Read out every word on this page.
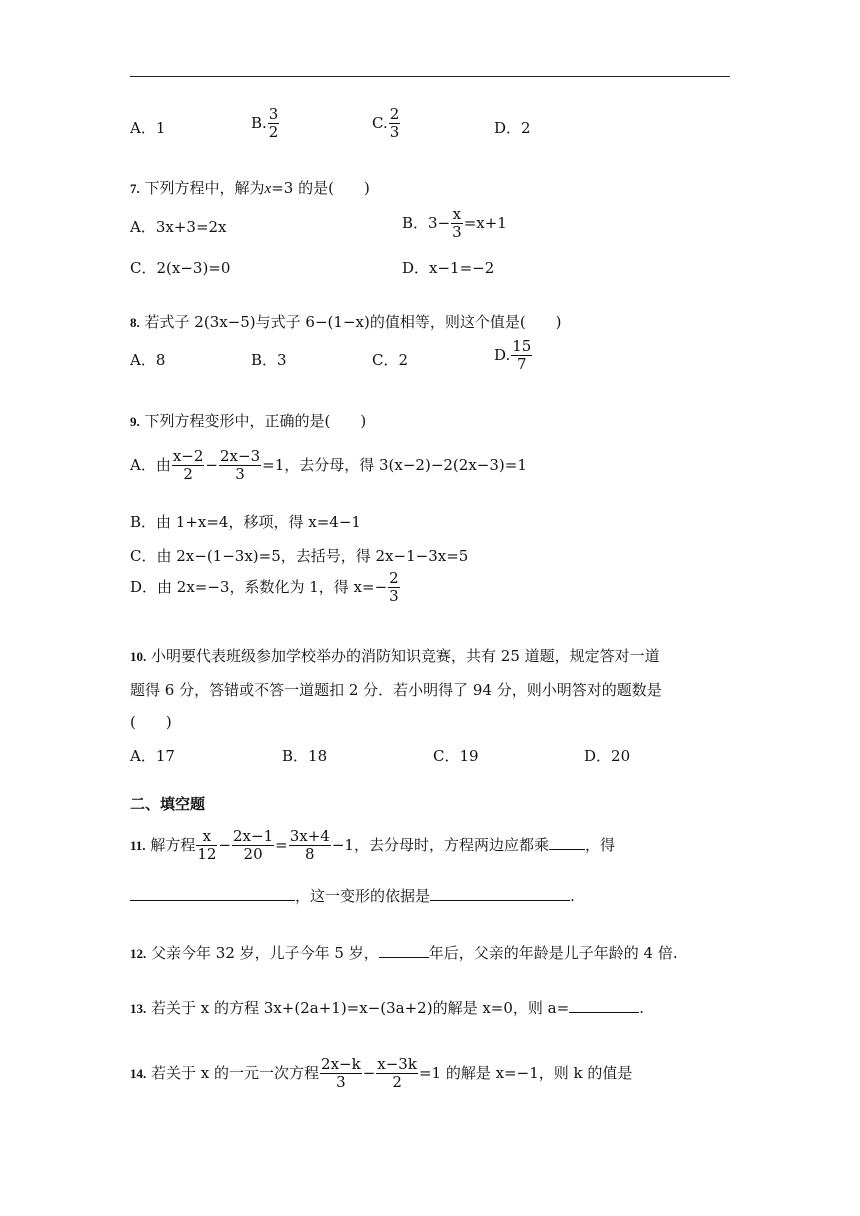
A．1	B. $\frac{3}{2}$	C. $\frac{2}{3}$	D．2
7. 下列方程中，解为x=3 的是(　　)
A．3x+3=2x	B．$3- \frac{x}{3} =x+1$
C．2(x−3)=0	D．x−1=−2
8. 若式子 2(3x−5)与式子 6−(1−x)的值相等，则这个值是(　　)
A．8	B．3	C．2	D. $\frac{15}{7}$
9. 下列方程变形中，正确的是(　　)
A．由 $\frac{x-2}{2} - \frac{2x-3}{3} =1$，去分母，得 3(x−2)−2(2x−3)=1
B．由 1+x=4，移项，得 x=4−1
C．由 2x−(1−3x)=5，去括号，得 2x−1−3x=5
D．由 2x=−3，系数化为 1，得 $x=- \frac{2}{3}$
10. 小明要代表班级参加学校举办的消防知识竞赛，共有 25 道题，规定答对一道
题得 6 分，答错或不答一道题扣 2 分．若小明得了 94 分，则小明答对的题数是
(　　)
A．17	B．18	C．19	D．20
二、填空题
11. 解方程 $\frac{x}{12} - \frac{2x-1}{20} = \frac{3x+4}{8} -1$，去分母时，方程两边应都乘 ，得
，这一变形的依据是	.
12. 父亲今年 32 岁，儿子今年 5 岁，	年后，父亲的年龄是儿子年龄的 4 倍.
13. 若关于 x 的方程 3x+(2a+1)=x−(3a+2)的解是 x=0，则 a=	.
14. 若关于 x 的一元一次方程 $\frac{2x-k}{3} - \frac{x-3k}{2} =1$ 的解是 x=−1，则 k 的值是
